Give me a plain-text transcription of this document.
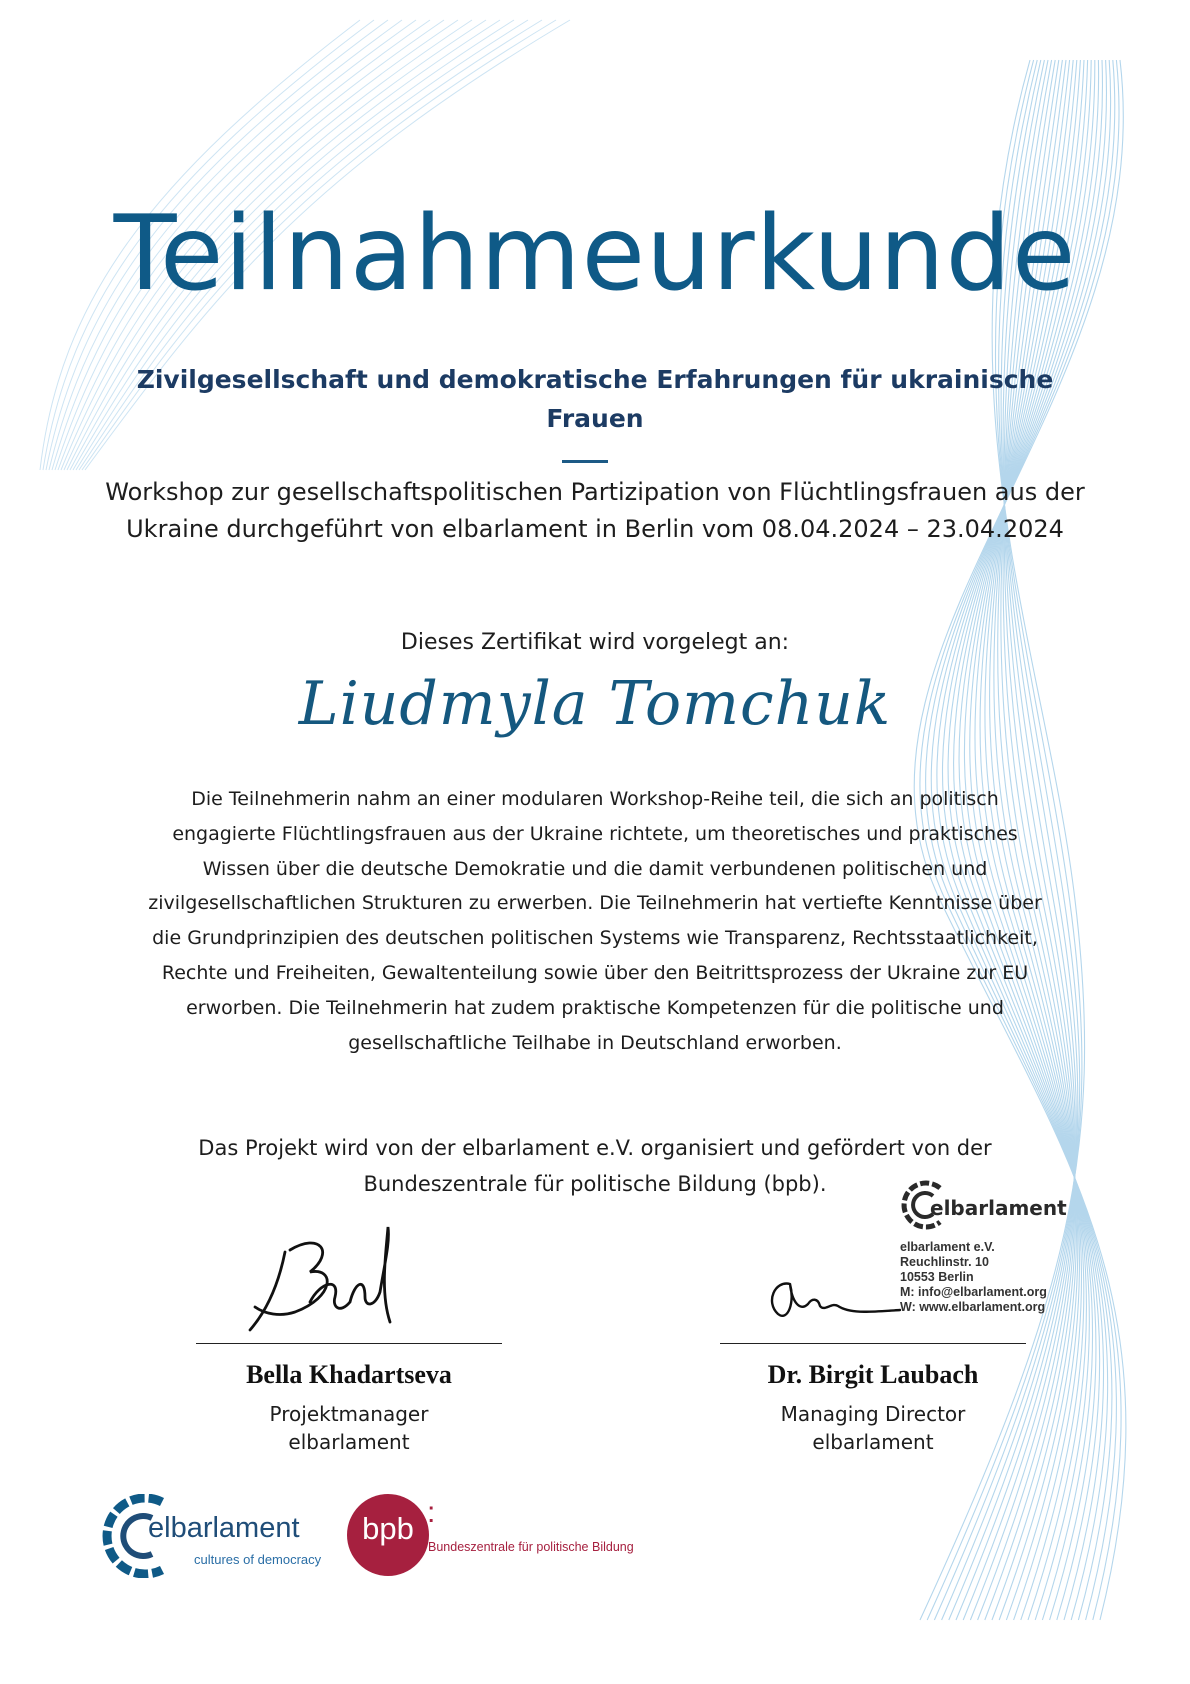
Teilnahmeurkunde
Zivilgesellschaft und demokratische Erfahrungen für ukrainische Frauen
Workshop zur gesellschaftspolitischen Partizipation von Flüchtlingsfrauen aus der Ukraine durchgeführt von elbarlament in Berlin vom 08.04.2024 – 23.04.2024
Dieses Zertifikat wird vorgelegt an:
Liudmyla Tomchuk
Die Teilnehmerin nahm an einer modularen Workshop-Reihe teil, die sich an politisch engagierte Flüchtlingsfrauen aus der Ukraine richtete, um theoretisches und praktisches Wissen über die deutsche Demokratie und die damit verbundenen politischen und zivilgesellschaftlichen Strukturen zu erwerben. Die Teilnehmerin hat vertiefte Kenntnisse über die Grundprinzipien des deutschen politischen Systems wie Transparenz, Rechtsstaatlichkeit, Rechte und Freiheiten, Gewaltenteilung sowie über den Beitrittsprozess der Ukraine zur EU erworben. Die Teilnehmerin hat zudem praktische Kompetenzen für die politische und gesellschaftliche Teilhabe in Deutschland erworben.
Das Projekt wird von der elbarlament e.V. organisiert und gefördert von der Bundeszentrale für politische Bildung (bpb).
Bella Khadartseva
Projektmanager
elbarlament
Dr. Birgit Laubach
Managing Director
elbarlament
elbarlament
elbarlament e.V.
Reuchlinstr. 10
10553 Berlin
M: info@elbarlament.org
W: www.elbarlament.org
elbarlament
cultures of democracy
bpb :
Bundeszentrale für politische Bildung
